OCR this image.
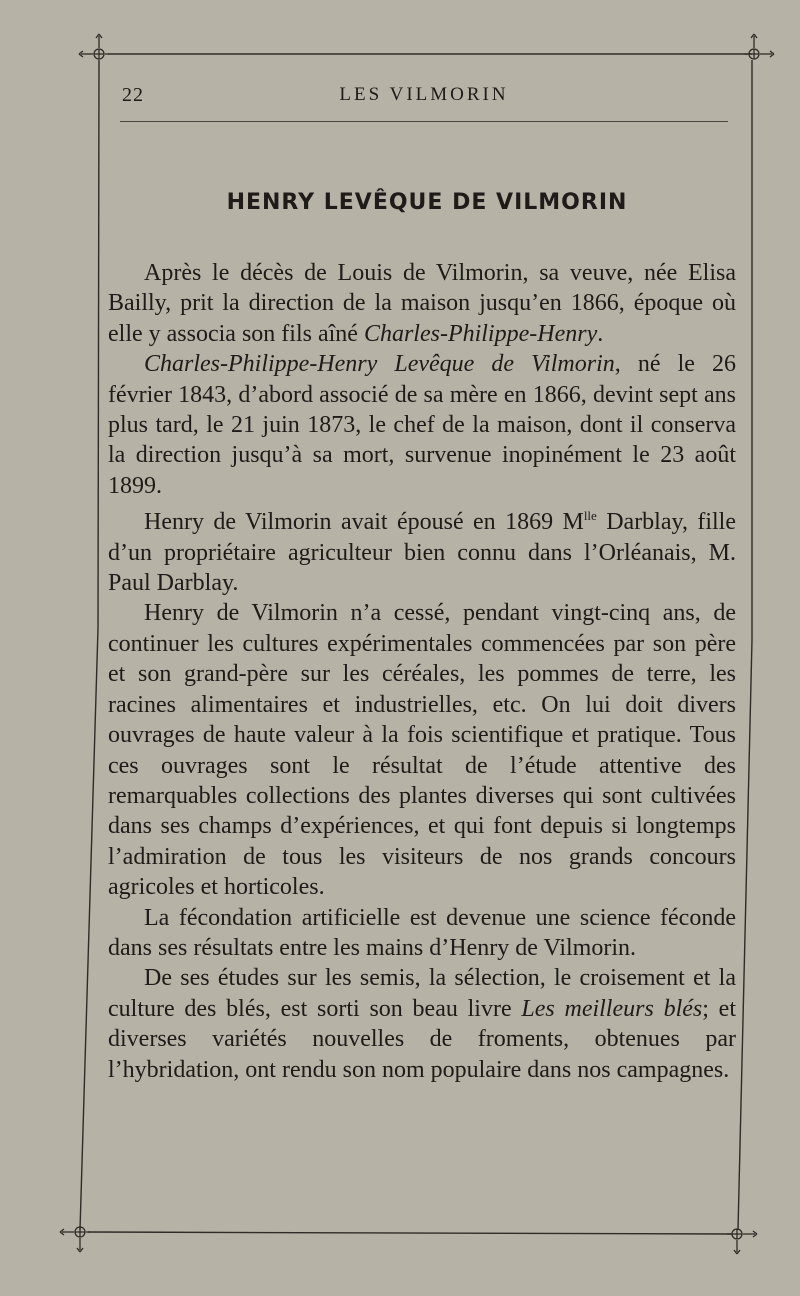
22	LES VILMORIN
HENRY LEVÊQUE DE VILMORIN

Après le décès de Louis de Vilmorin, sa veuve, née Elisa Bailly, prit la direction de la maison jusqu’en 1866, époque où elle y associa son fils aîné Charles-Philippe-Henry.

Charles-Philippe-Henry Levêque de Vilmorin, né le 26 février 1843, d’abord associé de sa mère en 1866, devint sept ans plus tard, le 21 juin 1873, le chef de la maison, dont il conserva la direction jusqu’à sa mort, survenue inopinément le 23 août 1899.

Henry de Vilmorin avait épousé en 1869 $M^{lle}$ Darblay, fille d’un propriétaire agriculteur bien connu dans l’Orléanais, M. Paul Darblay.

Henry de Vilmorin n’a cessé, pendant vingt-cinq ans, de continuer les cultures expérimentales commencées par son père et son grand-père sur les céréales, les pommes de terre, les racines alimentaires et industrielles, etc. On lui doit divers ouvrages de haute valeur à la fois scientifique et pratique. Tous ces ouvrages sont le résultat de l’étude attentive des remarquables collections des plantes diverses qui sont cultivées dans ses champs d’expériences, et qui font depuis si longtemps l’admiration de tous les visiteurs de nos grands concours agricoles et horticoles.

La fécondation artificielle est devenue une science féconde dans ses résultats entre les mains d’Henry de Vilmorin.

De ses études sur les semis, la sélection, le croisement et la culture des blés, est sorti son beau livre Les meilleurs blés; et diverses variétés nouvelles de froments, obtenues par l’hybridation, ont rendu son nom populaire dans nos campagnes.
